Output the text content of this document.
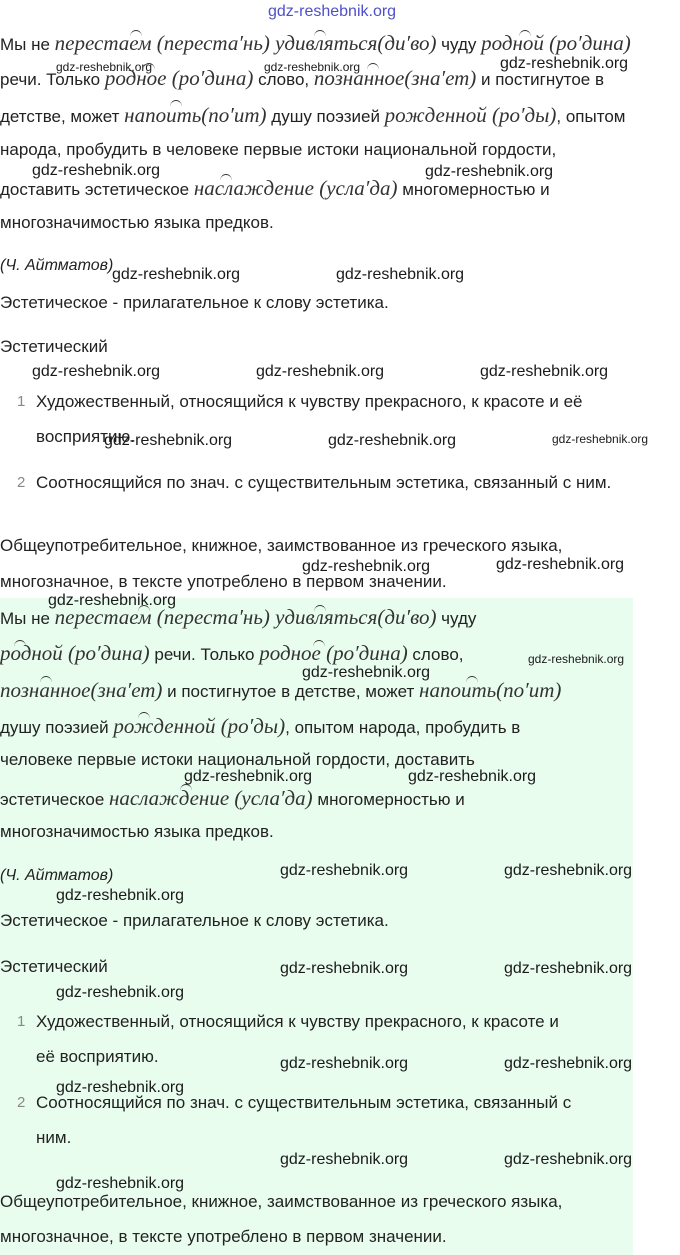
Мы не перестаем (переста′нь) удивляться(ди′во) чуду родной (ро′дина)
речи. Только родное (ро′дина) слово, познанное(зна′ет) и постигнутое в
детстве, может напоить(по′ит) душу поэзией рожденной (ро′ды), опытом
народа, пробудить в человеке первые истоки национальной гордости,
доставить эстетическое наслаждение (усла′да) многомерностью и
многозначимостью языка предков.
(Ч. Айтматов)
Эстетическое - прилагательное к слову эстетика.
Эстетический
1 Художественный, относящийся к чувству прекрасного, к красоте и её
восприятию.
2 Соотносящийся по знач. с существительным эстетика, связанный с ним.
Общеупотребительное, книжное, заимствованное из греческого языка,
многозначное, в тексте употреблено в первом значении.
Мы не перестаем (переста′нь) удивляться(ди′во) чуду
родной (ро′дина) речи. Только родное (ро′дина) слово,
познанное(зна′ет) и постигнутое в детстве, может напоить(по′ит)
душу поэзией рожденной (ро′ды), опытом народа, пробудить в
человеке первые истоки национальной гордости, доставить
эстетическое наслаждение (усла′да) многомерностью и
многозначимостью языка предков.
(Ч. Айтматов)
Эстетическое - прилагательное к слову эстетика.
Эстетический
1 Художественный, относящийся к чувству прекрасного, к красоте и
её восприятию.
2 Соотносящийся по знач. с существительным эстетика, связанный с
ним.
Общеупотребительное, книжное, заимствованное из греческого языка,
многозначное, в тексте употреблено в первом значении.
gdz-reshebnik.org
gdz-reshebnik.org	gdz-reshebnik.org	gdz-reshebnik.org
gdz-reshebnik.org	gdz-reshebnik.org
gdz-reshebnik.org	gdz-reshebnik.org
gdz-reshebnik.org	gdz-reshebnik.org	gdz-reshebnik.org
gdz-reshebnik.org	gdz-reshebnik.org	gdz-reshebnik.org
gdz-reshebnik.org	gdz-reshebnik.org
gdz-reshebnik.org
gdz-reshebnik.org
gdz-reshebnik.org
gdz-reshebnik.org	gdz-reshebnik.org
gdz-reshebnik.org	gdz-reshebnik.org
gdz-reshebnik.org
gdz-reshebnik.org	gdz-reshebnik.org
gdz-reshebnik.org
gdz-reshebnik.org	gdz-reshebnik.org
gdz-reshebnik.org
gdz-reshebnik.org	gdz-reshebnik.org
gdz-reshebnik.org
